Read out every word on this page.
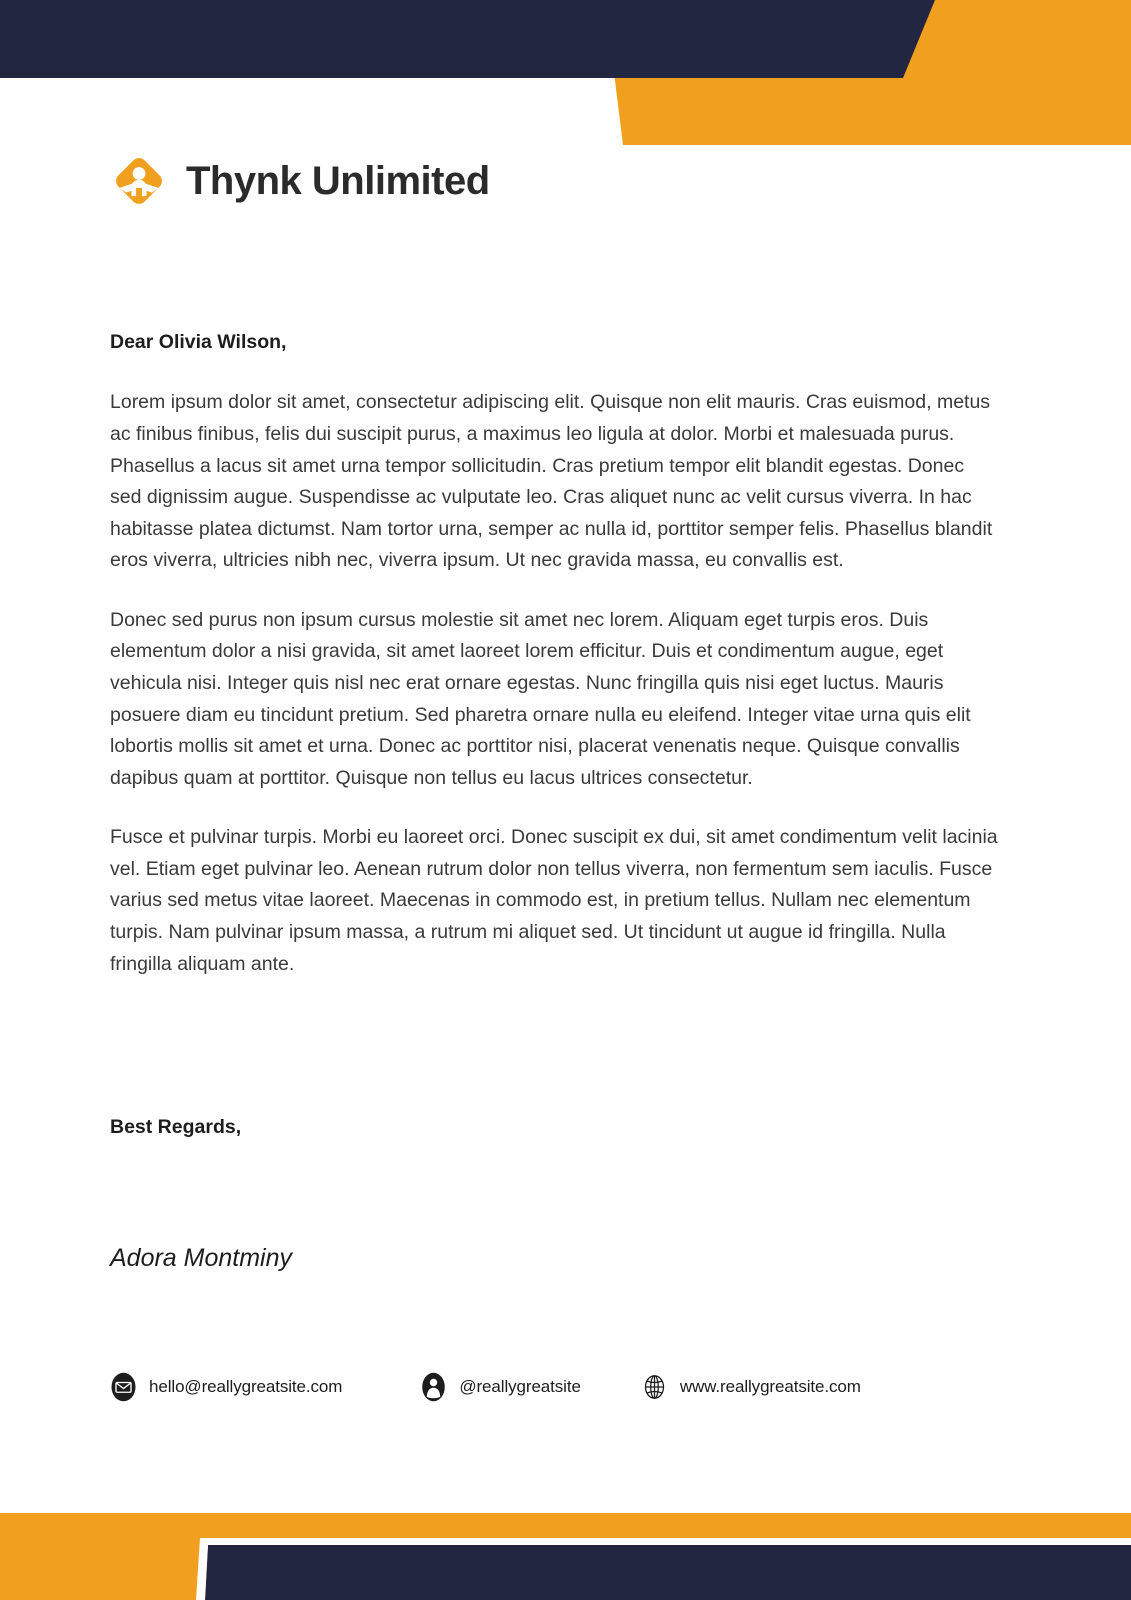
Thynk Unlimited

Dear Olivia Wilson,

Lorem ipsum dolor sit amet, consectetur adipiscing elit. Quisque non elit mauris. Cras euismod, metus ac finibus finibus, felis dui suscipit purus, a maximus leo ligula at dolor. Morbi et malesuada purus. Phasellus a lacus sit amet urna tempor sollicitudin. Cras pretium tempor elit blandit egestas. Donec sed dignissim augue. Suspendisse ac vulputate leo. Cras aliquet nunc ac velit cursus viverra. In hac habitasse platea dictumst. Nam tortor urna, semper ac nulla id, porttitor semper felis. Phasellus blandit eros viverra, ultricies nibh nec, viverra ipsum. Ut nec gravida massa, eu convallis est.

Donec sed purus non ipsum cursus molestie sit amet nec lorem. Aliquam eget turpis eros. Duis elementum dolor a nisi gravida, sit amet laoreet lorem efficitur. Duis et condimentum augue, eget vehicula nisi. Integer quis nisl nec erat ornare egestas. Nunc fringilla quis nisi eget luctus. Mauris posuere diam eu tincidunt pretium. Sed pharetra ornare nulla eu eleifend. Integer vitae urna quis elit lobortis mollis sit amet et urna. Donec ac porttitor nisi, placerat venenatis neque. Quisque convallis dapibus quam at porttitor. Quisque non tellus eu lacus ultrices consectetur.

Fusce et pulvinar turpis. Morbi eu laoreet orci. Donec suscipit ex dui, sit amet condimentum velit lacinia vel. Etiam eget pulvinar leo. Aenean rutrum dolor non tellus viverra, non fermentum sem iaculis. Fusce varius sed metus vitae laoreet. Maecenas in commodo est, in pretium tellus. Nullam nec elementum turpis. Nam pulvinar ipsum massa, a rutrum mi aliquet sed. Ut tincidunt ut augue id fringilla. Nulla fringilla aliquam ante.

Best Regards,
Adora Montminy
hello@reallygreatsite.com	@reallygreatsite	www.reallygreatsite.com
